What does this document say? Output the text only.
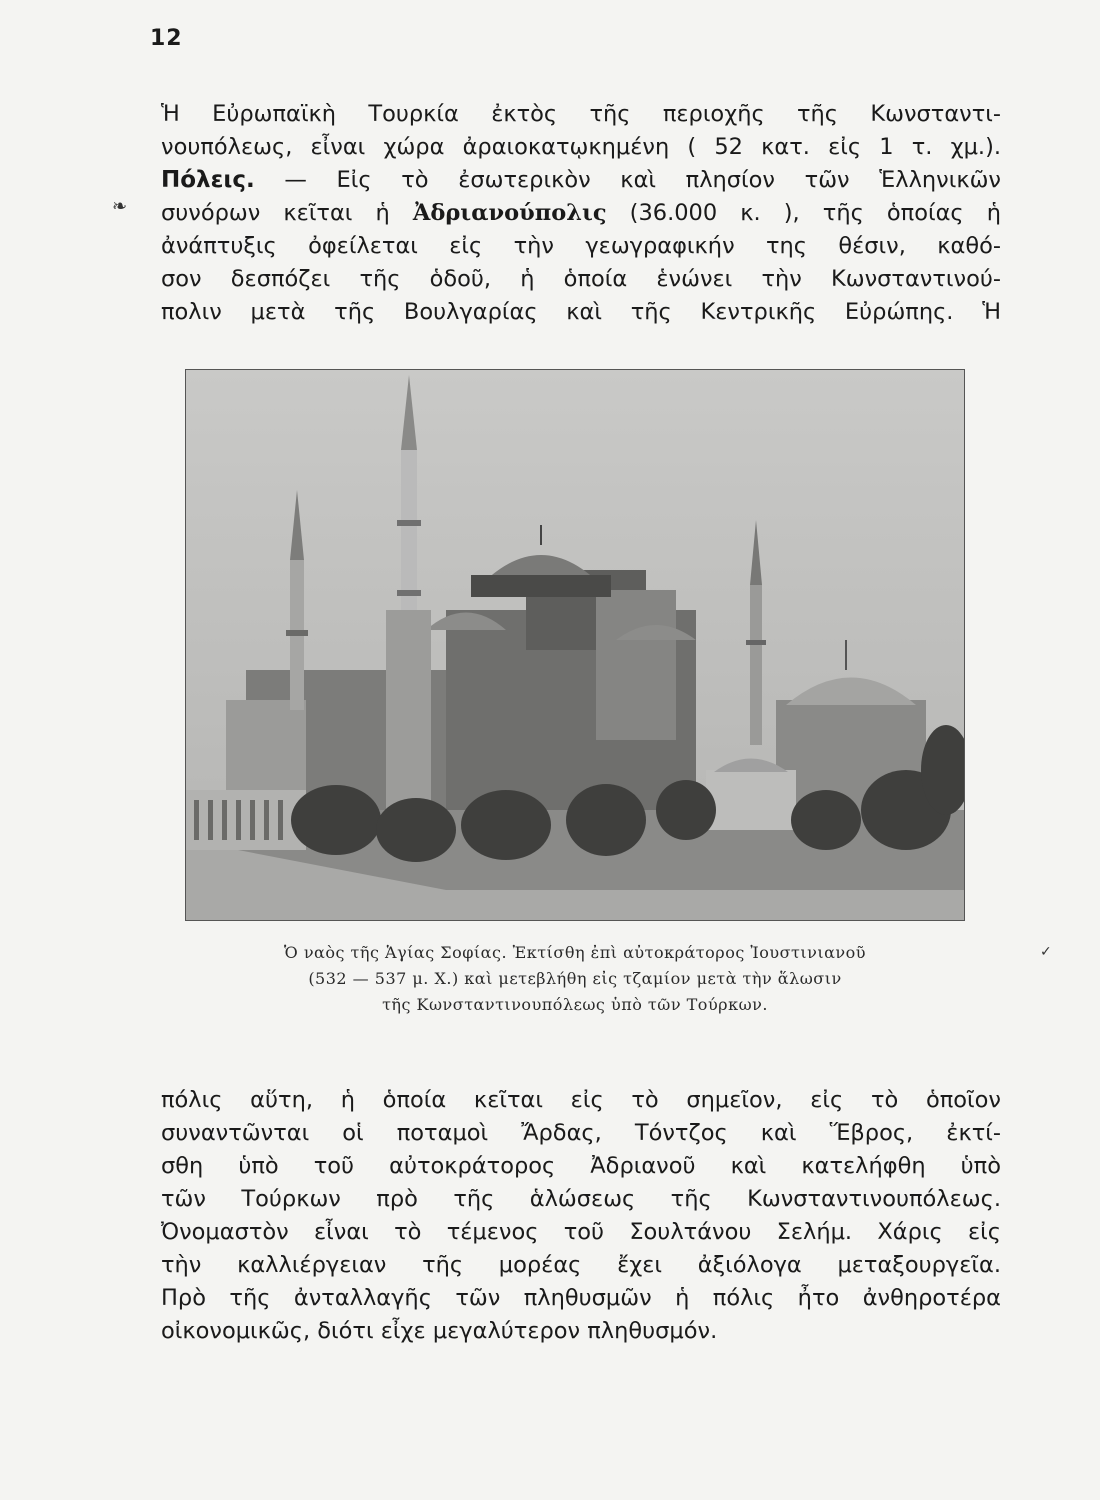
12
❧
✓
Ἡ Εὐρωπαϊκὴ Τουρκία ἐκτὸς τῆς περιοχῆς τῆς Κωνσταντι-
νουπόλεως, εἶναι χώρα ἀραιοκατῳκημένη ( 52 κατ. εἰς 1 τ. χμ.).
Πόλεις. — Εἰς τὸ ἐσωτερικὸν καὶ πλησίον τῶν Ἑλληνικῶν
συνόρων κεῖται ἡ Ἀδριανούπολις (36.000 κ. ), τῆς ὁποίας ἡ
ἀνάπτυξις ὀφείλεται εἰς τὴν γεωγραφικήν της θέσιν, καθό-
σον δεσπόζει τῆς ὁδοῦ, ἡ ὁποία ἑνώνει τὴν Κωνσταντινού-
πολιν μετὰ τῆς Βουλγαρίας καὶ τῆς Κεντρικῆς Εὐρώπης. Ἡ
Ὁ ναὸς τῆς Ἁγίας Σοφίας. Ἐκτίσθη ἐπὶ αὐτοκράτορος Ἰουστινιανοῦ
(532 — 537 μ. Χ.) καὶ μετεβλήθη εἰς τζαμίον μετὰ τὴν ἅλωσιν
τῆς Κωνσταντινουπόλεως ὑπὸ τῶν Τούρκων.
πόλις αὕτη, ἡ ὁποία κεῖται εἰς τὸ σημεῖον, εἰς τὸ ὁποῖον
συναντῶνται οἱ ποταμοὶ Ἄρδας, Τόντζος καὶ Ἕβρος, ἐκτί-
σθη ὑπὸ τοῦ αὐτοκράτορος Ἀδριανοῦ καὶ κατελήφθη ὑπὸ
τῶν Τούρκων πρὸ τῆς ἁλώσεως τῆς Κωνσταντινουπόλεως.
Ὀνομαστὸν εἶναι τὸ τέμενος τοῦ Σουλτάνου Σελήμ. Χάρις εἰς
τὴν καλλιέργειαν τῆς μορέας ἔχει ἀξιόλογα μεταξουργεῖα.
Πρὸ τῆς ἀνταλλαγῆς τῶν πληθυσμῶν ἡ πόλις ἦτο ἀνθηροτέρα
οἰκονομικῶς, διότι εἶχε μεγαλύτερον πληθυσμόν.
